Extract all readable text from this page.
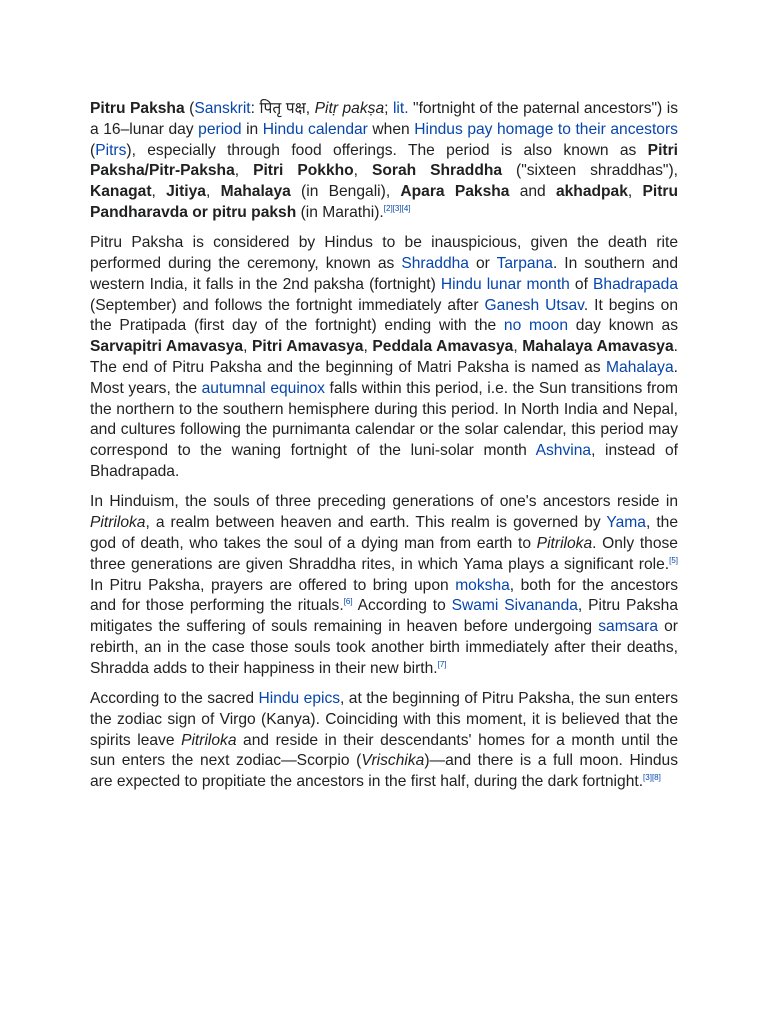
Pitru Paksha (Sanskrit: पितृ पक्ष, Pitṛ pakṣa; lit. "fortnight of the paternal ancestors") is a 16–lunar day period in Hindu calendar when Hindus pay homage to their ancestors (Pitrs), especially through food offerings. The period is also known as Pitri Paksha/Pitr-Paksha, Pitri Pokkho, Sorah Shraddha ("sixteen shraddhas"), Kanagat, Jitiya, Mahalaya (in Bengali), Apara Paksha and akhadpak, Pitru Pandharavda or pitru paksh (in Marathi).[2][3][4]

Pitru Paksha is considered by Hindus to be inauspicious, given the death rite performed during the ceremony, known as Shraddha or Tarpana. In southern and western India, it falls in the 2nd paksha (fortnight) Hindu lunar month of Bhadrapada (September) and follows the fortnight immediately after Ganesh Utsav. It begins on the Pratipada (first day of the fortnight) ending with the no moon day known as Sarvapitri Amavasya, Pitri Amavasya, Peddala Amavasya, Mahalaya Amavasya. The end of Pitru Paksha and the beginning of Matri Paksha is named as Mahalaya. Most years, the autumnal equinox falls within this period, i.e. the Sun transitions from the northern to the southern hemisphere during this period. In North India and Nepal, and cultures following the purnimanta calendar or the solar calendar, this period may correspond to the waning fortnight of the luni-solar month Ashvina, instead of Bhadrapada.

In Hinduism, the souls of three preceding generations of one's ancestors reside in Pitriloka, a realm between heaven and earth. This realm is governed by Yama, the god of death, who takes the soul of a dying man from earth to Pitriloka. Only those three generations are given Shraddha rites, in which Yama plays a significant role.[5] In Pitru Paksha, prayers are offered to bring upon moksha, both for the ancestors and for those performing the rituals.[6] According to Swami Sivananda, Pitru Paksha mitigates the suffering of souls remaining in heaven before undergoing samsara or rebirth, an in the case those souls took another birth immediately after their deaths, Shradda adds to their happiness in their new birth.[7]

According to the sacred Hindu epics, at the beginning of Pitru Paksha, the sun enters the zodiac sign of Virgo (Kanya). Coinciding with this moment, it is believed that the spirits leave Pitriloka and reside in their descendants' homes for a month until the sun enters the next zodiac—Scorpio (Vrischika)—and there is a full moon. Hindus are expected to propitiate the ancestors in the first half, during the dark fortnight.[3][8]
